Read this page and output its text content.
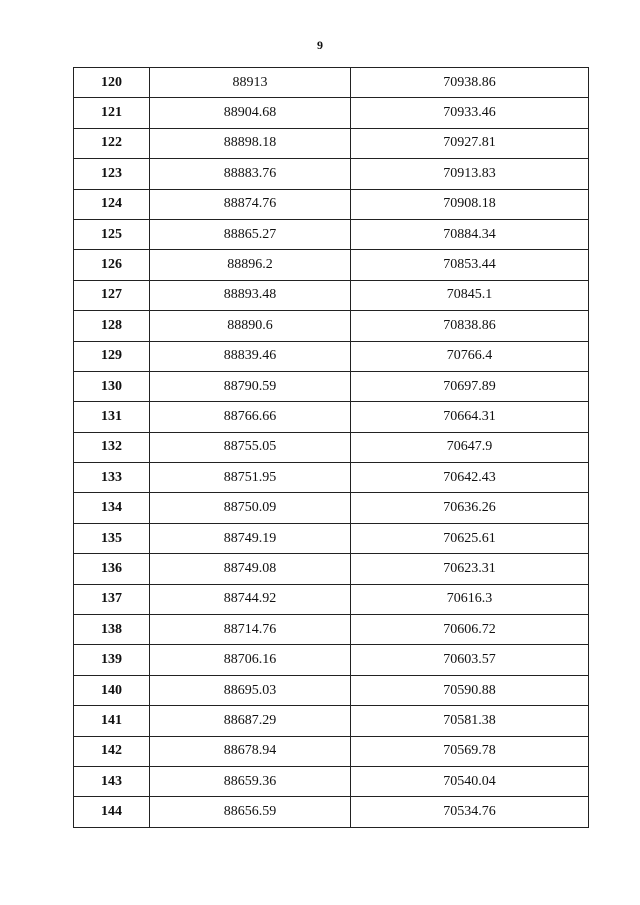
9
120	88913	70938.86
121	88904.68	70933.46
122	88898.18	70927.81
123	88883.76	70913.83
124	88874.76	70908.18
125	88865.27	70884.34
126	88896.2	70853.44
127	88893.48	70845.1
128	88890.6	70838.86
129	88839.46	70766.4
130	88790.59	70697.89
131	88766.66	70664.31
132	88755.05	70647.9
133	88751.95	70642.43
134	88750.09	70636.26
135	88749.19	70625.61
136	88749.08	70623.31
137	88744.92	70616.3
138	88714.76	70606.72
139	88706.16	70603.57
140	88695.03	70590.88
141	88687.29	70581.38
142	88678.94	70569.78
143	88659.36	70540.04
144	88656.59	70534.76
